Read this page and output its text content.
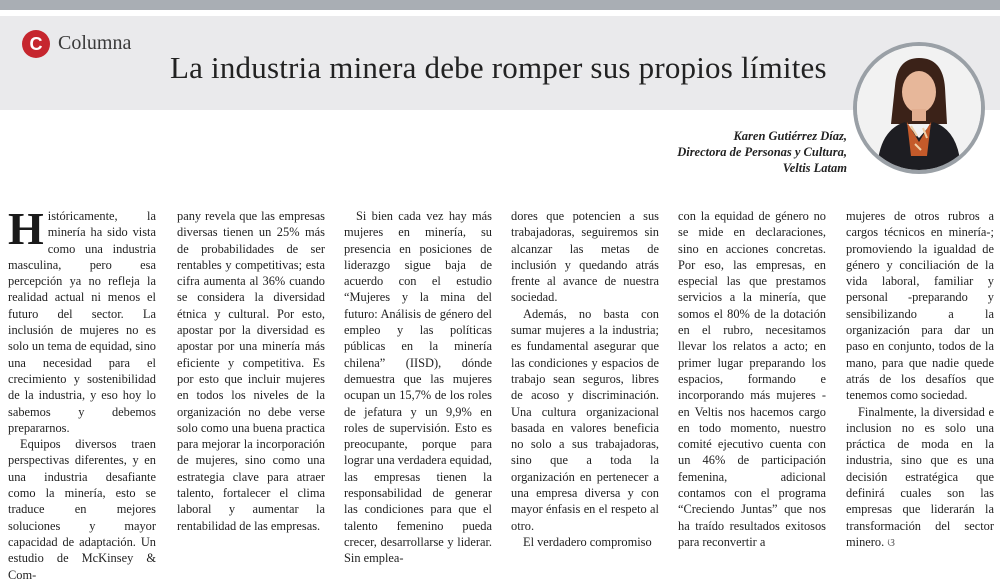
C Columna
La industria minera debe romper sus propios límites
Karen Gutiérrez Díaz,
Directora de Personas y Cultura,
Veltis Latam

Históricamente, la minería ha sido vista como una industria masculina, pero esa percepción ya no refleja la realidad actual ni menos el futuro del sector. La inclusión de mujeres no es solo un tema de equidad, sino una necesidad para el crecimiento y sostenibilidad de la industria, y eso hoy lo sabemos y debemos prepararnos.

Equipos diversos traen perspectivas diferentes, y en una industria desafiante como la minería, esto se traduce en mejores soluciones y mayor capacidad de adaptación. Un estudio de McKinsey & Com-

pany revela que las empresas diversas tienen un 25% más de probabilidades de ser rentables y competitivas; esta cifra aumenta al 36% cuando se considera la diversidad étnica y cultural. Por esto, apostar por la diversidad es apostar por una minería más eficiente y competitiva. Es por esto que incluir mujeres en todos los niveles de la organización no debe verse solo como una buena practica para mejorar la incorporación de mujeres, sino como una estrategia clave para atraer talento, fortalecer el clima laboral y aumentar la rentabilidad de las empresas.

Si bien cada vez hay más mujeres en minería, su presencia en posiciones de liderazgo sigue baja de acuerdo con el estudio “Mujeres y la mina del futuro: Análisis de género del empleo y las políticas públicas en la minería chilena” (IISD), dónde demuestra que las mujeres ocupan un 15,7% de los roles de jefatura y un 9,9% en roles de supervisión. Esto es preocupante, porque para lograr una verdadera equidad, las empresas tienen la responsabilidad de generar las condiciones para que el talento femenino pueda crecer, desarrollarse y liderar. Sin emplea-

dores que potencien a sus trabajadoras, seguiremos sin alcanzar las metas de inclusión y quedando atrás frente al avance de nuestra sociedad.

Además, no basta con sumar mujeres a la industria; es fundamental asegurar que las condiciones y espacios de trabajo sean seguros, libres de acoso y discriminación. Una cultura organizacional basada en valores beneficia no solo a sus trabajadoras, sino que a toda la organización en pertenecer a una empresa diversa y con mayor énfasis en el respeto al otro.

El verdadero compromiso

con la equidad de género no se mide en declaraciones, sino en acciones concretas. Por eso, las empresas, en especial las que prestamos servicios a la minería, que somos el 80% de la dotación en el rubro, necesitamos llevar los relatos a acto; en primer lugar preparando los espacios, formando e incorporando más mujeres -en Veltis nos hacemos cargo en todo momento, nuestro comité ejecutivo cuenta con un 46% de participación femenina, adicional contamos con el programa “Creciendo Juntas” que nos ha traído resultados exitosos para reconvertir a

mujeres de otros rubros a cargos técnicos en minería-; promoviendo la igualdad de género y conciliación de la vida laboral, familiar y personal -preparando y sensibilizando a la organización para dar un paso en conjunto, todos de la mano, para que nadie quede atrás de los desafíos que tenemos como sociedad.

Finalmente, la diversidad e inclusion no es solo una práctica de moda en la industria, sino que es una decisión estratégica que definirá cuales son las empresas que liderarán la transformación del sector minero. ଓ
